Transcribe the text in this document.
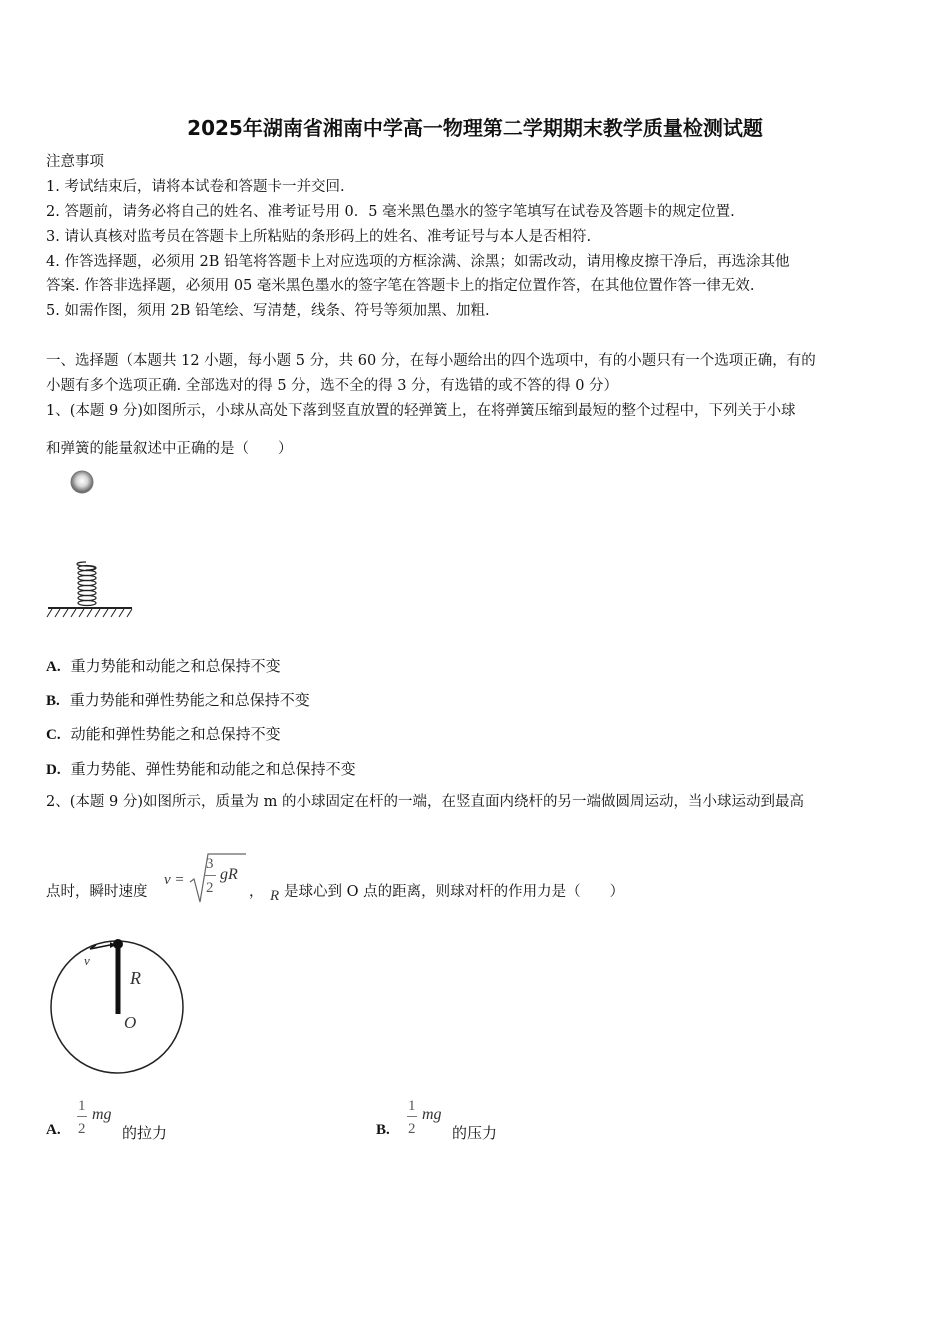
2025年湖南省湘南中学高一物理第二学期期末教学质量检测试题
注意事项
1. 考试结束后，请将本试卷和答题卡一并交回.
2. 答题前，请务必将自己的姓名、准考证号用 0．5 毫米黑色墨水的签字笔填写在试卷及答题卡的规定位置.
3. 请认真核对监考员在答题卡上所粘贴的条形码上的姓名、准考证号与本人是否相符.
4. 作答选择题，必须用 2B 铅笔将答题卡上对应选项的方框涂满、涂黑；如需改动，请用橡皮擦干净后，再选涂其他
答案. 作答非选择题，必须用 05 毫米黑色墨水的签字笔在答题卡上的指定位置作答，在其他位置作答一律无效.
5. 如需作图，须用 2B 铅笔绘、写清楚，线条、符号等须加黑、加粗.
一、选择题（本题共 12 小题，每小题 5 分，共 60 分，在每小题给出的四个选项中，有的小题只有一个选项正确，有的
小题有多个选项正确. 全部选对的得 5 分，选不全的得 3 分，有选错的或不答的得 0 分）
1、(本题 9 分)如图所示，小球从高处下落到竖直放置的轻弹簧上，在将弹簧压缩到最短的整个过程中，下列关于小球
和弹簧的能量叙述中正确的是（　　）
A. 重力势能和动能之和总保持不变
B. 重力势能和弹性势能之和总保持不变
C. 动能和弹性势能之和总保持不变
D. 重力势能、弹性势能和动能之和总保持不变
2、(本题 9 分)如图所示，质量为 m 的小球固定在杆的一端，在竖直面内绕杆的另一端做圆周运动，当小球运动到最高
点时，瞬时速度
v =
3
2
gR
， R 是球心到 O 点的距离，则球对杆的作用力是（　　）
v
R
O
A.
1
2
mg
的拉力	B.
1
2
mg
的压力
